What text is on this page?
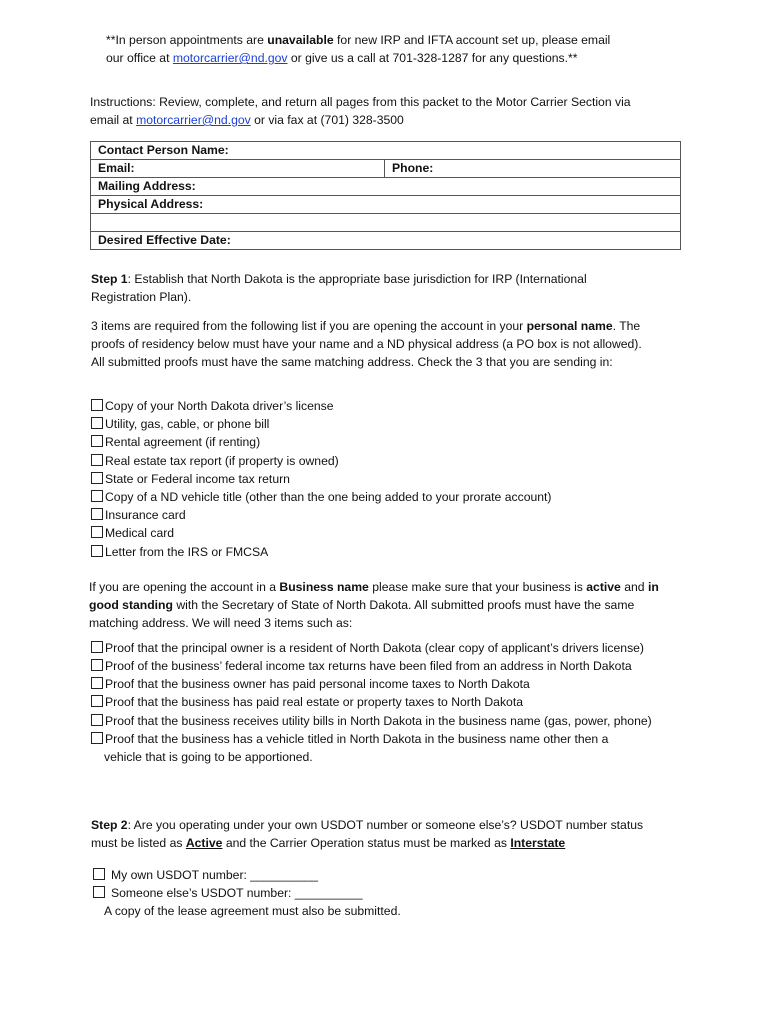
**In person appointments are unavailable for new IRP and IFTA account set up, please email
our office at motorcarrier@nd.gov or give us a call at 701-328-1287 for any questions.**
Instructions: Review, complete, and return all pages from this packet to the Motor Carrier Section via
email at motorcarrier@nd.gov or via fax at (701) 328-3500
Contact Person Name:
Email:	Phone:
Mailing Address:
Physical Address:
Desired Effective Date:

Step 1: Establish that North Dakota is the appropriate base jurisdiction for IRP (International Registration Plan).

3 items are required from the following list if you are opening the account in your personal name. The proofs of residency below must have your name and a ND physical address (a PO box is not allowed). All submitted proofs must have the same matching address. Check the 3 that you are sending in:

Copy of your North Dakota driver’s license
Utility, gas, cable, or phone bill
Rental agreement (if renting)
Real estate tax report (if property is owned)
State or Federal income tax return
Copy of a ND vehicle title (other than the one being added to your prorate account)
Insurance card
Medical card
Letter from the IRS or FMCSA

If you are opening the account in a Business name please make sure that your business is active and in good standing with the Secretary of State of North Dakota. All submitted proofs must have the same matching address. We will need 3 items such as:

Proof that the principal owner is a resident of North Dakota (clear copy of applicant’s drivers license)
Proof of the business’ federal income tax returns have been filed from an address in North Dakota
Proof that the business owner has paid personal income taxes to North Dakota
Proof that the business has paid real estate or property taxes to North Dakota
Proof that the business receives utility bills in North Dakota in the business name (gas, power, phone)
Proof that the business has a vehicle titled in North Dakota in the business name other then a vehicle that is going to be apportioned.

Step 2: Are you operating under your own USDOT number or someone else’s? USDOT number status must be listed as Active and the Carrier Operation status must be marked as Interstate

My own USDOT number: __________
Someone else’s USDOT number: __________
A copy of the lease agreement must also be submitted.
